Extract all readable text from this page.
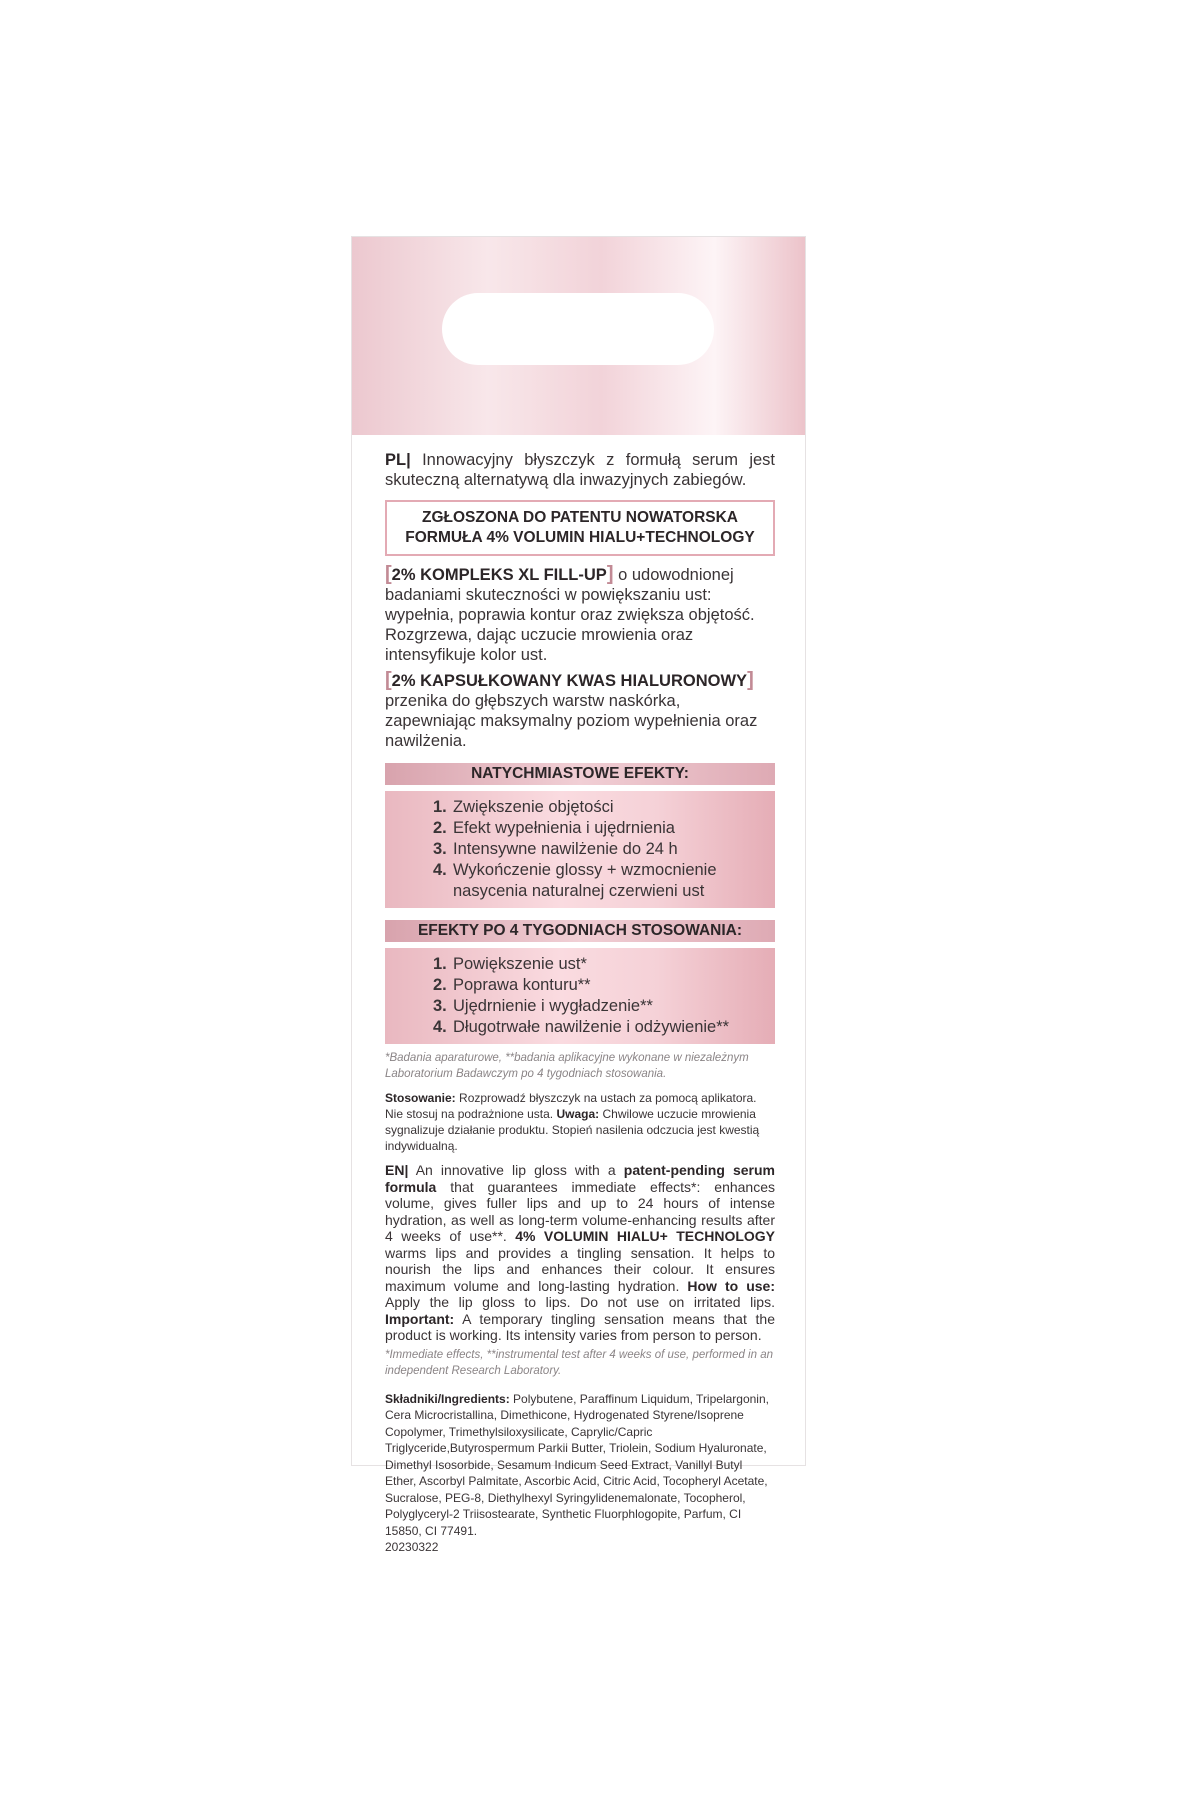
PL| Innowacyjny błyszczyk z formułą serum jest skuteczną alternatywą dla inwazyjnych zabiegów.

ZGŁOSZONA DO PATENTU NOWATORSKA
FORMUŁA 4% VOLUMIN HIALU+TECHNOLOGY

[2% KOMPLEKS XL FILL-UP] o udowodnionej badaniami skuteczności w powiększaniu ust: wypełnia, poprawia kontur oraz zwiększa objętość. Rozgrzewa, dając uczucie mrowienia oraz intensyfikuje kolor ust.

[2% KAPSUŁKOWANY KWAS HIALURONOWY] przenika do głębszych warstw naskórka, zapewniając maksymalny poziom wypełnienia oraz nawilżenia.

NATYCHMIASTOWE EFEKTY:
1. Zwiększenie objętości
2. Efekt wypełnienia i ujędrnienia
3. Intensywne nawilżenie do 24 h
4. Wykończenie glossy + wzmocnienie nasycenia naturalnej czerwieni ust
EFEKTY PO 4 TYGODNIACH STOSOWANIA:
1. Powiększenie ust*
2. Poprawa konturu**
3. Ujędrnienie i wygładzenie**
4. Długotrwałe nawilżenie i odżywienie**
*Badania aparaturowe, **badania aplikacyjne wykonane w niezależnym Laboratorium Badawczym po 4 tygodniach stosowania.
Stosowanie: Rozprowadź błyszczyk na ustach za pomocą aplikatora. Nie stosuj na podrażnione usta. Uwaga: Chwilowe uczucie mrowienia sygnalizuje działanie produktu. Stopień nasilenia odczucia jest kwestią indywidualną.
EN| An innovative lip gloss with a patent-pending serum formula that guarantees immediate effects*: enhances volume, gives fuller lips and up to 24 hours of intense hydration, as well as long-term volume-enhancing results after 4 weeks of use**. 4% VOLUMIN HIALU+ TECHNOLOGY warms lips and provides a tingling sensation. It helps to nourish the lips and enhances their colour. It ensures maximum volume and long-lasting hydration. How to use: Apply the lip gloss to lips. Do not use on irritated lips. Important: A temporary tingling sensation means that the product is working. Its intensity varies from person to person.
*Immediate effects, **instrumental test after 4 weeks of use, performed in an independent Research Laboratory.
Składniki/Ingredients: Polybutene, Paraffinum Liquidum, Tripelargonin, Cera Microcristallina, Dimethicone, Hydrogenated Styrene/Isoprene Copolymer, Trimethylsiloxysilicate, Caprylic/Capric Triglyceride,Butyrospermum Parkii Butter, Triolein, Sodium Hyaluronate, Dimethyl Isosorbide, Sesamum Indicum Seed Extract, Vanillyl Butyl Ether, Ascorbyl Palmitate, Ascorbic Acid, Citric Acid, Tocopheryl Acetate, Sucralose, PEG-8, Diethylhexyl Syringylidenemalonate, Tocopherol, Polyglyceryl-2 Triisostearate, Synthetic Fluorphlogopite, Parfum, CI 15850, CI 77491.
20230322
